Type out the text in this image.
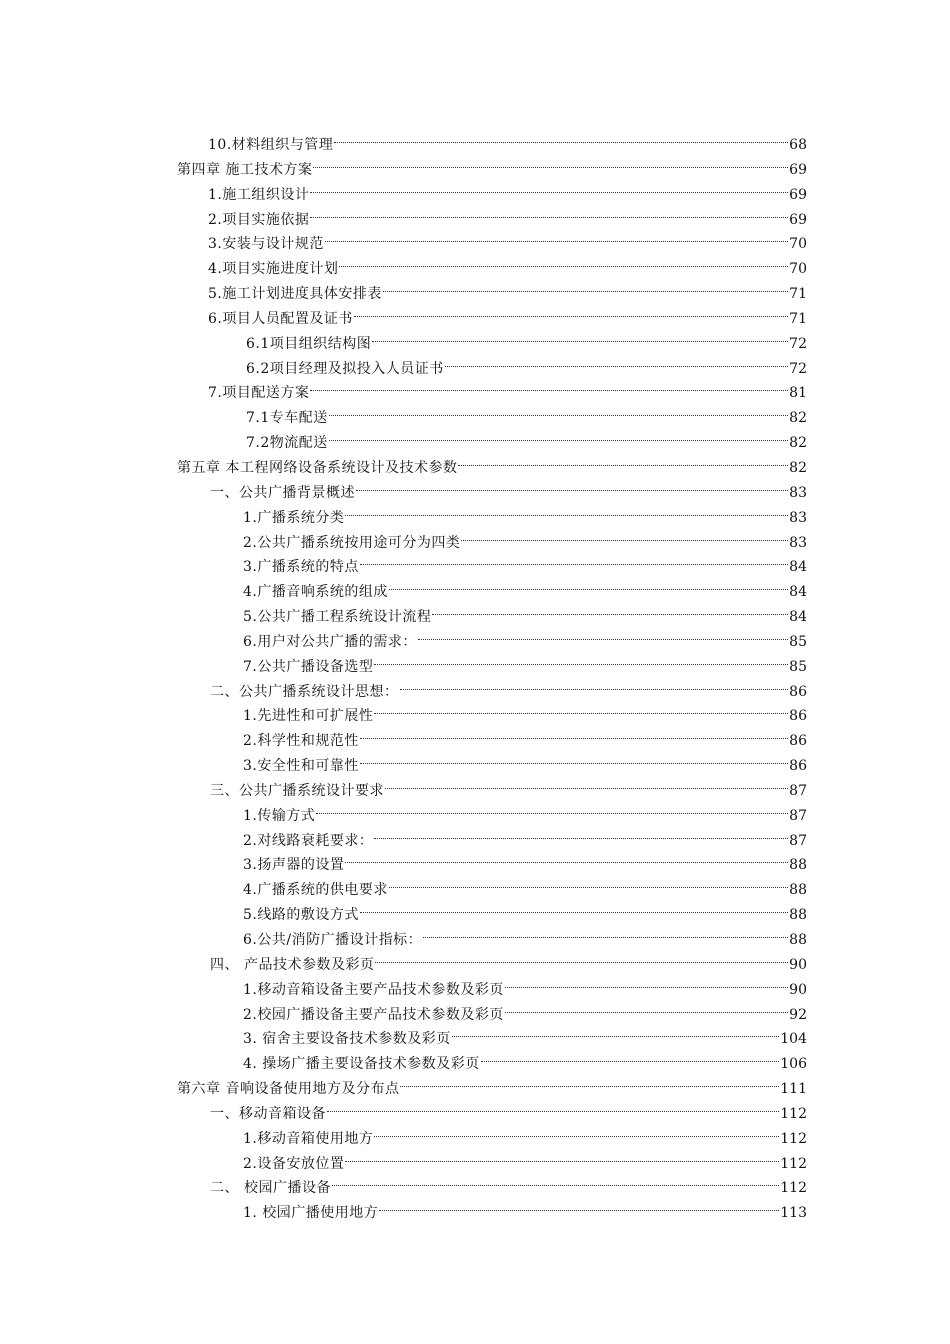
10.材料组织与管理	68
第四章 施工技术方案	69
1.施工组织设计	69
2.项目实施依据	69
3.安装与设计规范	70
4.项目实施进度计划	70
5.施工计划进度具体安排表	71
6.项目人员配置及证书	71
6.1项目组织结构图	72
6.2项目经理及拟投入人员证书	72
7.项目配送方案	81
7.1专车配送	82
7.2物流配送	82
第五章 本工程网络设备系统设计及技术参数	82
一、公共广播背景概述	83
1.广播系统分类	83
2.公共广播系统按用途可分为四类	83
3.广播系统的特点	84
4.广播音响系统的组成	84
5.公共广播工程系统设计流程	84
6.用户对公共广播的需求：	85
7.公共广播设备选型	85
二、公共广播系统设计思想：	86
1.先进性和可扩展性	86
2.科学性和规范性	86
3.安全性和可靠性	86
三、公共广播系统设计要求	87
1.传输方式	87
2.对线路衰耗要求：	87
3.扬声器的设置	88
4.广播系统的供电要求	88
5.线路的敷设方式	88
6.公共/消防广播设计指标：	88
四、 产品技术参数及彩页	90
1.移动音箱设备主要产品技术参数及彩页	90
2.校园广播设备主要产品技术参数及彩页	92
3. 宿舍主要设备技术参数及彩页	104
4. 操场广播主要设备技术参数及彩页	106
第六章 音响设备使用地方及分布点	111
一、移动音箱设备	112
1.移动音箱使用地方	112
2.设备安放位置	112
二、 校园广播设备	112
1. 校园广播使用地方	113
